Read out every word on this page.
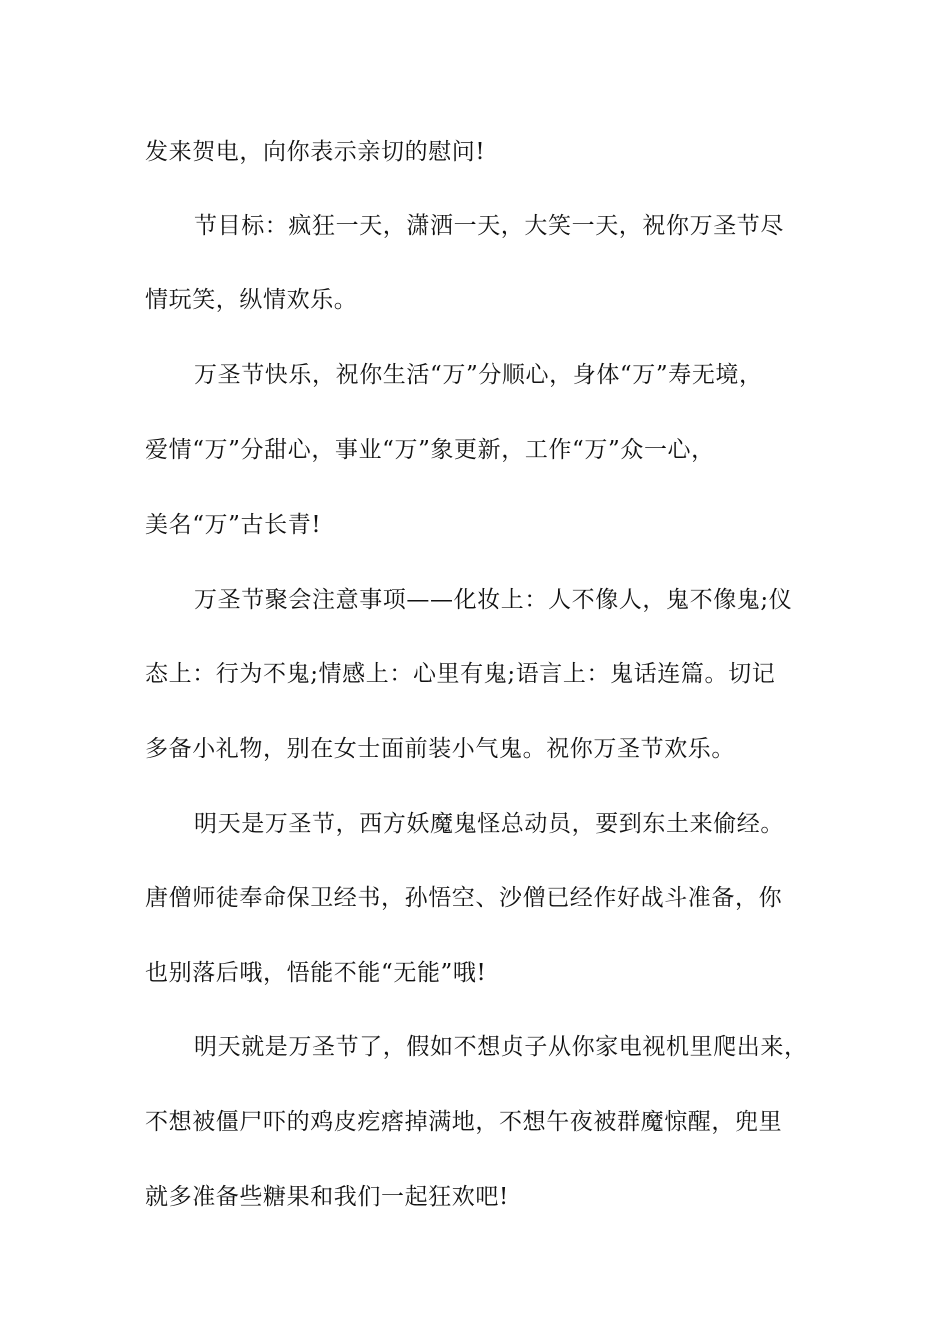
发来贺电，向你表示亲切的慰问!
节目标：疯狂一天，潇洒一天，大笑一天，祝你万圣节尽
情玩笑，纵情欢乐。
万圣节快乐，祝你生活“万”分顺心，身体“万”寿无境，
爱情“万”分甜心，事业“万”象更新，工作“万”众一心，
美名“万”古长青!
万圣节聚会注意事项——化妆上：人不像人，鬼不像鬼;仪
态上：行为不鬼;情感上：心里有鬼;语言上：鬼话连篇。切记
多备小礼物，别在女士面前装小气鬼。祝你万圣节欢乐。
明天是万圣节，西方妖魔鬼怪总动员，要到东土来偷经。
唐僧师徒奉命保卫经书，孙悟空、沙僧已经作好战斗准备，你
也别落后哦，悟能不能“无能”哦!
明天就是万圣节了，假如不想贞子从你家电视机里爬出来，
不想被僵尸吓的鸡皮疙瘩掉满地，不想午夜被群魔惊醒，兜里
就多准备些糖果和我们一起狂欢吧!
